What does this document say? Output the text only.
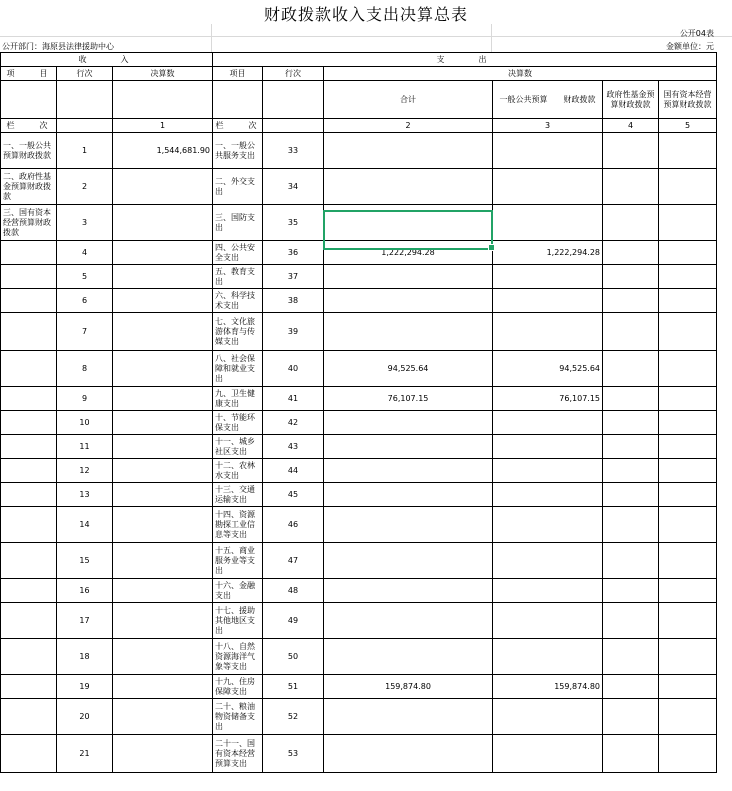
财政拨款收入支出决算总表
公开04表
公开部门：海原县法律援助中心	金额单位：元
收　　入			支　　出					
项　　目	行次	决算数	项目	行次	决算数			
					合计	一般公共预算　　财政拨款	政府性基金预算财政拨款	国有资本经营预算财政拨款
栏　　次		1	栏　　次		2	3	4	5
一、一般公共预算财政拨款	1	1,544,681.90	一、一般公共服务支出	33				
二、政府性基金预算财政拨款	2		二、外交支出	34				
三、国有资本经营预算财政拨款	3		三、国防支出	35				
	4		四、公共安全支出	36	1,222,294.28	1,222,294.28		
	5		五、教育支出	37				
	6		六、科学技术支出	38				
	7		七、文化旅游体育与传媒支出	39				
	8		八、社会保障和就业支出	40	94,525.64	94,525.64		
	9		九、卫生健康支出	41	76,107.15	76,107.15		
	10		十、节能环保支出	42				
	11		十一、城乡社区支出	43				
	12		十二、农林水支出	44				
	13		十三、交通运输支出	45				
	14		十四、资源勘探工业信息等支出	46				
	15		十五、商业服务业等支出	47				
	16		十六、金融支出	48				
	17		十七、援助其他地区支出	49				
	18		十八、自然资源海洋气象等支出	50				
	19		十九、住房保障支出	51	159,874.80	159,874.80		
	20		二十、粮油物资储备支出	52				
	21		二十一、国有资本经营预算支出	53				
